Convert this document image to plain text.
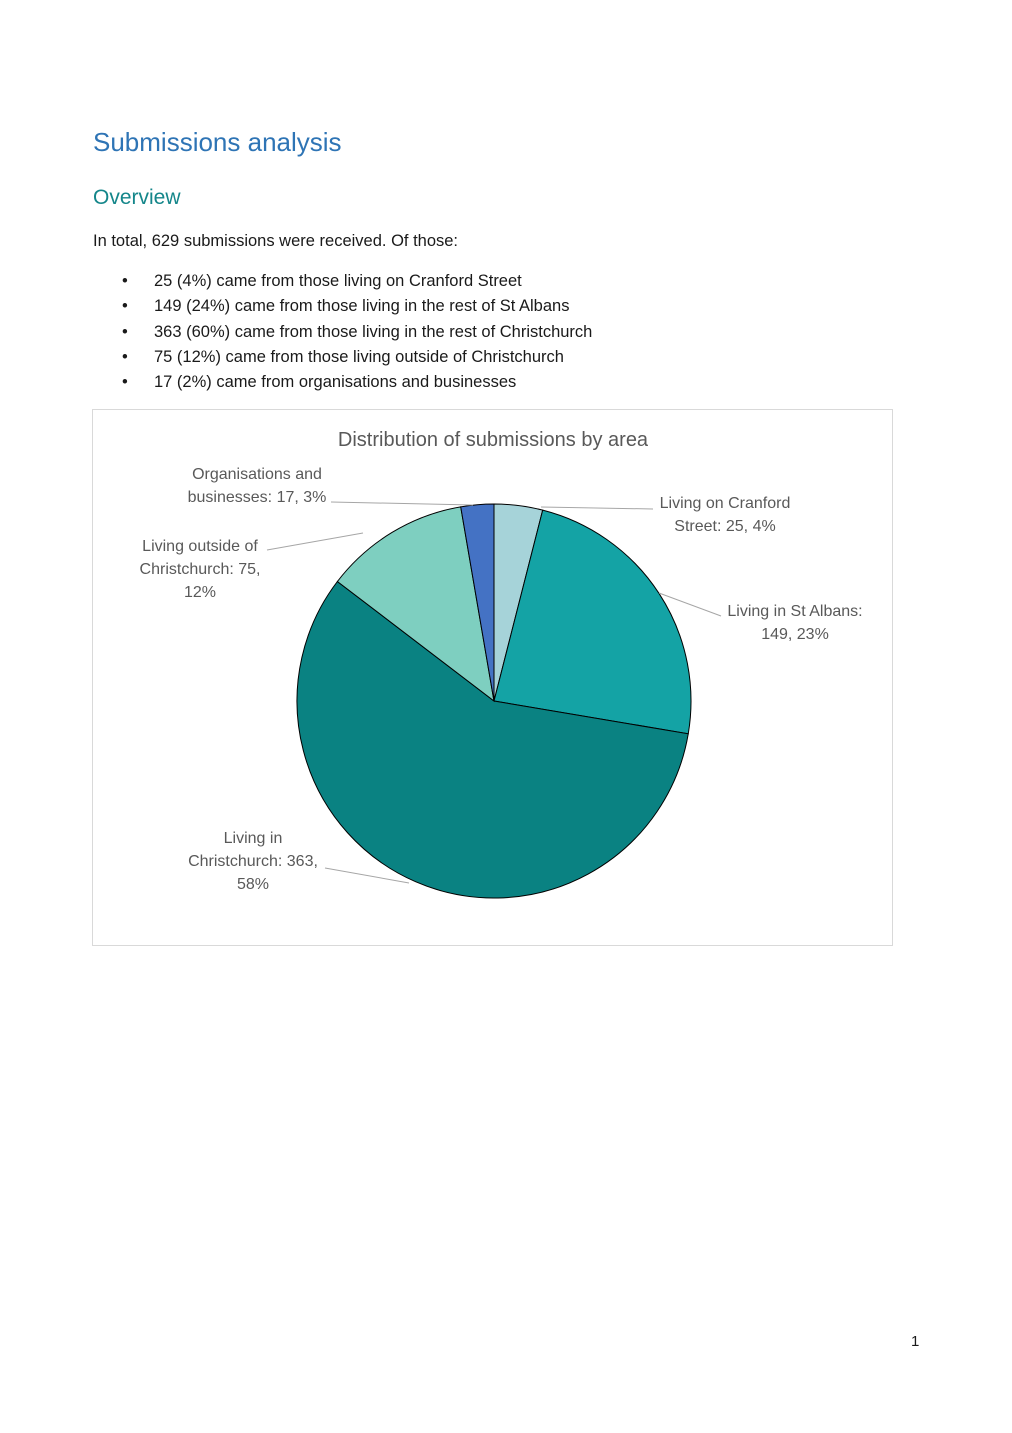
Submissions analysis
Overview

In total, 629 submissions were received. Of those:

• 25 (4%) came from those living on Cranford Street
• 149 (24%) came from those living in the rest of St Albans
• 363 (60%) came from those living in the rest of Christchurch
• 75 (12%) came from those living outside of Christchurch
• 17 (2%) came from organisations and businesses
Distribution of submissions by area
Living on Cranford Street: 25, 4%
Living in St Albans: 149, 23%
Living in Christchurch: 363, 58%
Living outside of Christchurch: 75, 12%
Organisations and businesses: 17, 3%
1
